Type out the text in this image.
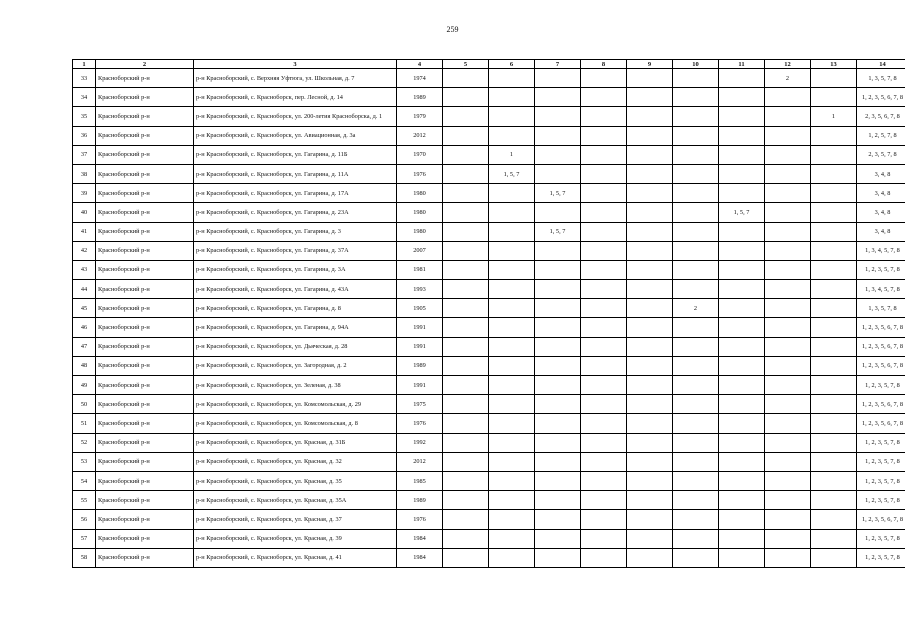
259
1	2	3	4	5	6	7	8	9	10	11	12	13	14
33	Красноборский р-н	р-н Красноборский, с. Верхняя Уфтюга, ул. Школьная, д. 7	1974								2		1, 3, 5, 7, 8
34	Красноборский р-н	р-н Красноборский, с. Красноборск, пер. Лесной, д. 14	1989										1, 2, 3, 5, 6, 7, 8
35	Красноборский р-н	р-н Красноборский, с. Красноборск, ул. 200-летия Красноборска, д. 1	1979									1	2, 3, 5, 6, 7, 8
36	Красноборский р-н	р-н Красноборский, с. Красноборск, ул. Авиационная, д. 3а	2012										1, 2, 5, 7, 8
37	Красноборский р-н	р-н Красноборский, с. Красноборск, ул. Гагарина, д. 11Б	1970		1								2, 3, 5, 7, 8
38	Красноборский р-н	р-н Красноборский, с. Красноборск, ул. Гагарина, д. 11А	1976		1, 5, 7								3, 4, 8
39	Красноборский р-н	р-н Красноборский, с. Красноборск, ул. Гагарина, д. 17А	1980			1, 5, 7							3, 4, 8
40	Красноборский р-н	р-н Красноборский, с. Красноборск, ул. Гагарина, д. 23А	1980							1, 5, 7			3, 4, 8
41	Красноборский р-н	р-н Красноборский, с. Красноборск, ул. Гагарина, д. 3	1980			1, 5, 7							3, 4, 8
42	Красноборский р-н	р-н Красноборский, с. Красноборск, ул. Гагарина, д. 37А	2007										1, 3, 4, 5, 7, 8
43	Красноборский р-н	р-н Красноборский, с. Красноборск, ул. Гагарина, д. 3А	1981										1, 2, 3, 5, 7, 8
44	Красноборский р-н	р-н Красноборский, с. Красноборск, ул. Гагарина, д. 43А	1993										1, 3, 4, 5, 7, 8
45	Красноборский р-н	р-н Красноборский, с. Красноборск, ул. Гагарина, д. 8	1905						2				1, 3, 5, 7, 8
46	Красноборский р-н	р-н Красноборский, с. Красноборск, ул. Гагарина, д. 94А	1991										1, 2, 3, 5, 6, 7, 8
47	Красноборский р-н	р-н Красноборский, с. Красноборск, ул. Дьяческая, д. 28	1991										1, 2, 3, 5, 6, 7, 8
48	Красноборский р-н	р-н Красноборский, с. Красноборск, ул. Загородная, д. 2	1989										1, 2, 3, 5, 6, 7, 8
49	Красноборский р-н	р-н Красноборский, с. Красноборск, ул. Зеленая, д. 38	1991										1, 2, 3, 5, 7, 8
50	Красноборский р-н	р-н Красноборский, с. Красноборск, ул. Комсомольская, д. 29	1975										1, 2, 3, 5, 6, 7, 8
51	Красноборский р-н	р-н Красноборский, с. Красноборск, ул. Комсомольская, д. 8	1976										1, 2, 3, 5, 6, 7, 8
52	Красноборский р-н	р-н Красноборский, с. Красноборск, ул. Красная, д. 31Б	1992										1, 2, 3, 5, 7, 8
53	Красноборский р-н	р-н Красноборский, с. Красноборск, ул. Красная, д. 32	2012										1, 2, 3, 5, 7, 8
54	Красноборский р-н	р-н Красноборский, с. Красноборск, ул. Красная, д. 35	1985										1, 2, 3, 5, 7, 8
55	Красноборский р-н	р-н Красноборский, с. Красноборск, ул. Красная, д. 35А	1989										1, 2, 3, 5, 7, 8
56	Красноборский р-н	р-н Красноборский, с. Красноборск, ул. Красная, д. 37	1976										1, 2, 3, 5, 6, 7, 8
57	Красноборский р-н	р-н Красноборский, с. Красноборск, ул. Красная, д. 39	1984										1, 2, 3, 5, 7, 8
58	Красноборский р-н	р-н Красноборский, с. Красноборск, ул. Красная, д. 41	1984										1, 2, 3, 5, 7, 8
